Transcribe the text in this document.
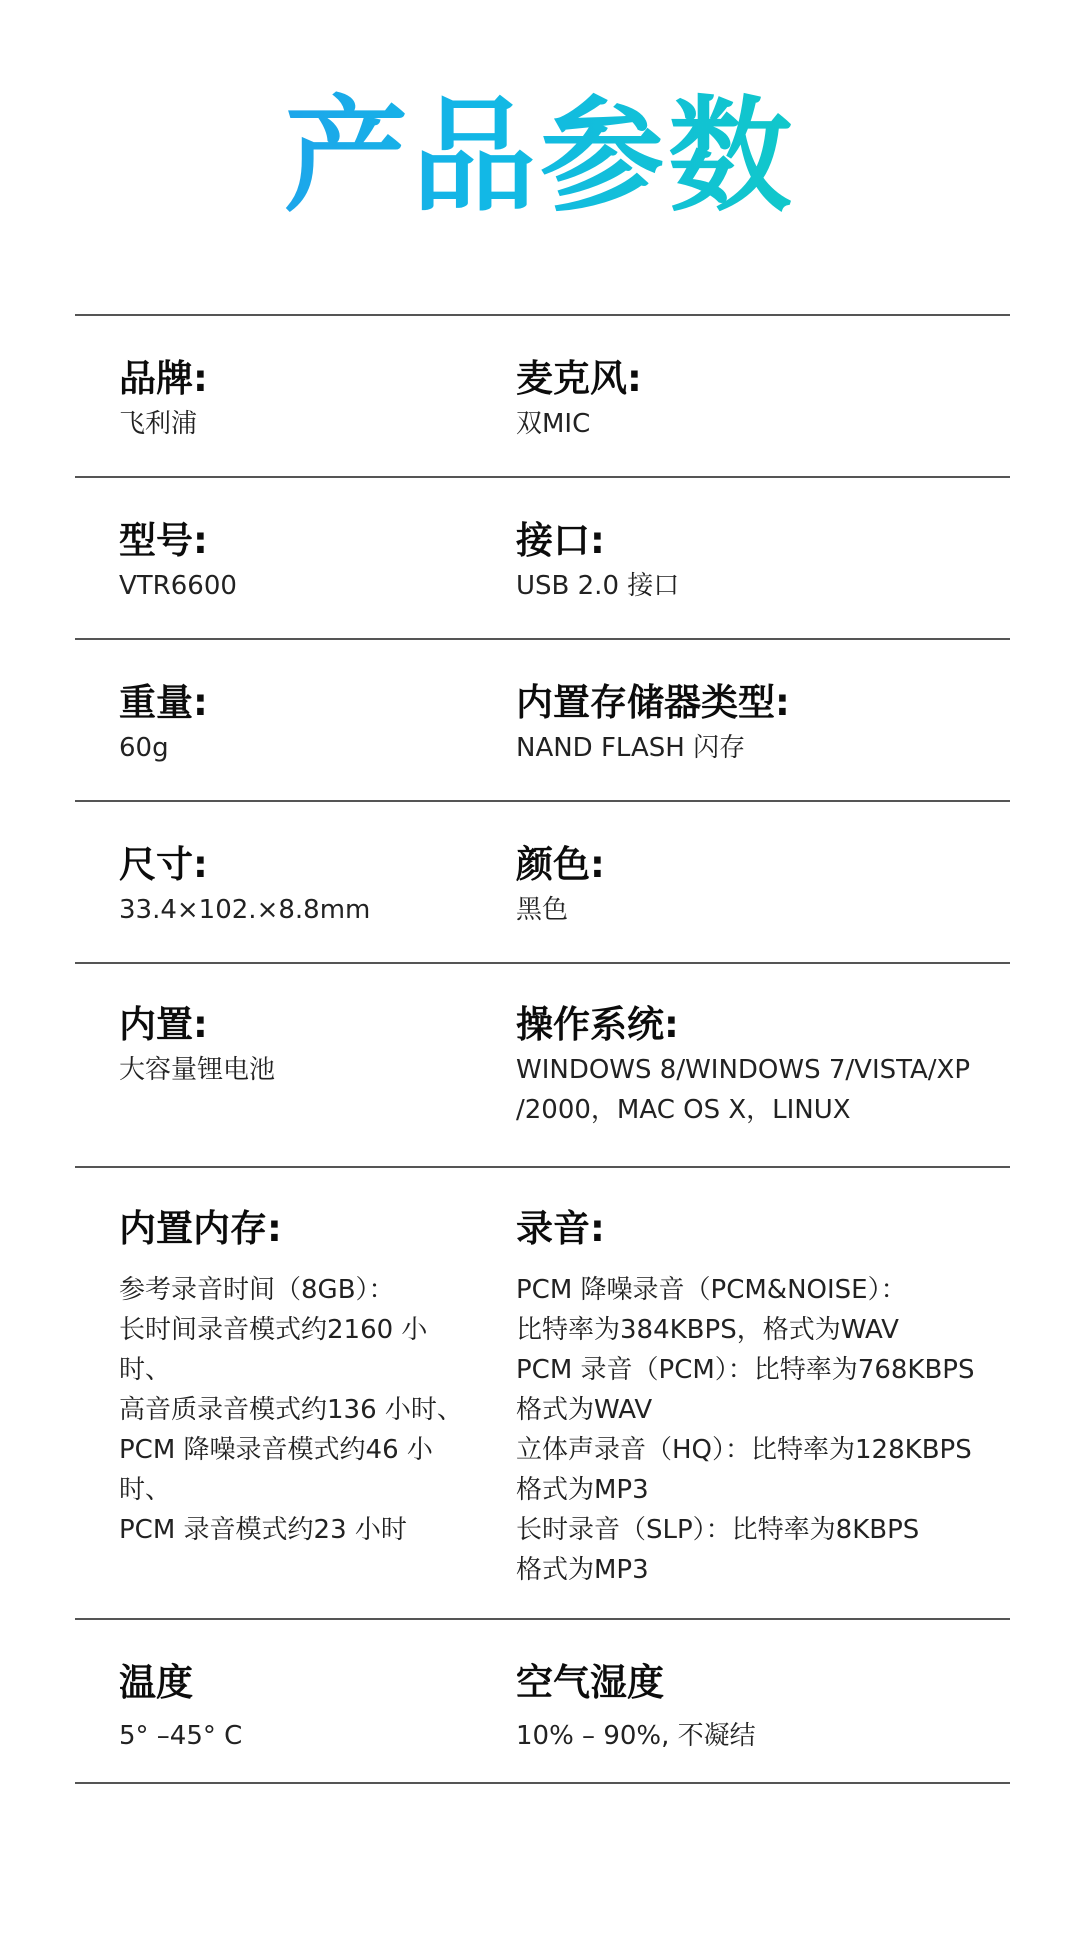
产品参数
品牌:
飞利浦
麦克风:
双MIC
型号:
VTR6600
接口:
USB 2.0 接口
重量:
60g
内置存储器类型:
NAND FLASH 闪存
尺寸:
33.4×102.×8.8mm
颜色:
黑色
内置:
大容量锂电池
操作系统:
WINDOWS 8/WINDOWS 7/VISTA/XP
/2000，MAC OS X，LINUX
内置内存:
参考录音时间（8GB）：
长时间录音模式约2160 小时、
高音质录音模式约136 小时、
PCM 降噪录音模式约46 小时、
PCM 录音模式约23 小时
录音:
PCM 降噪录音（PCM&NOISE）：
比特率为384KBPS，格式为WAV
PCM 录音（PCM）：比特率为768KBPS
格式为WAV
立体声录音（HQ）：比特率为128KBPS
格式为MP3
长时录音（SLP）：比特率为8KBPS
格式为MP3
温度
5° –45° C
空气湿度
10% – 90%, 不凝结
